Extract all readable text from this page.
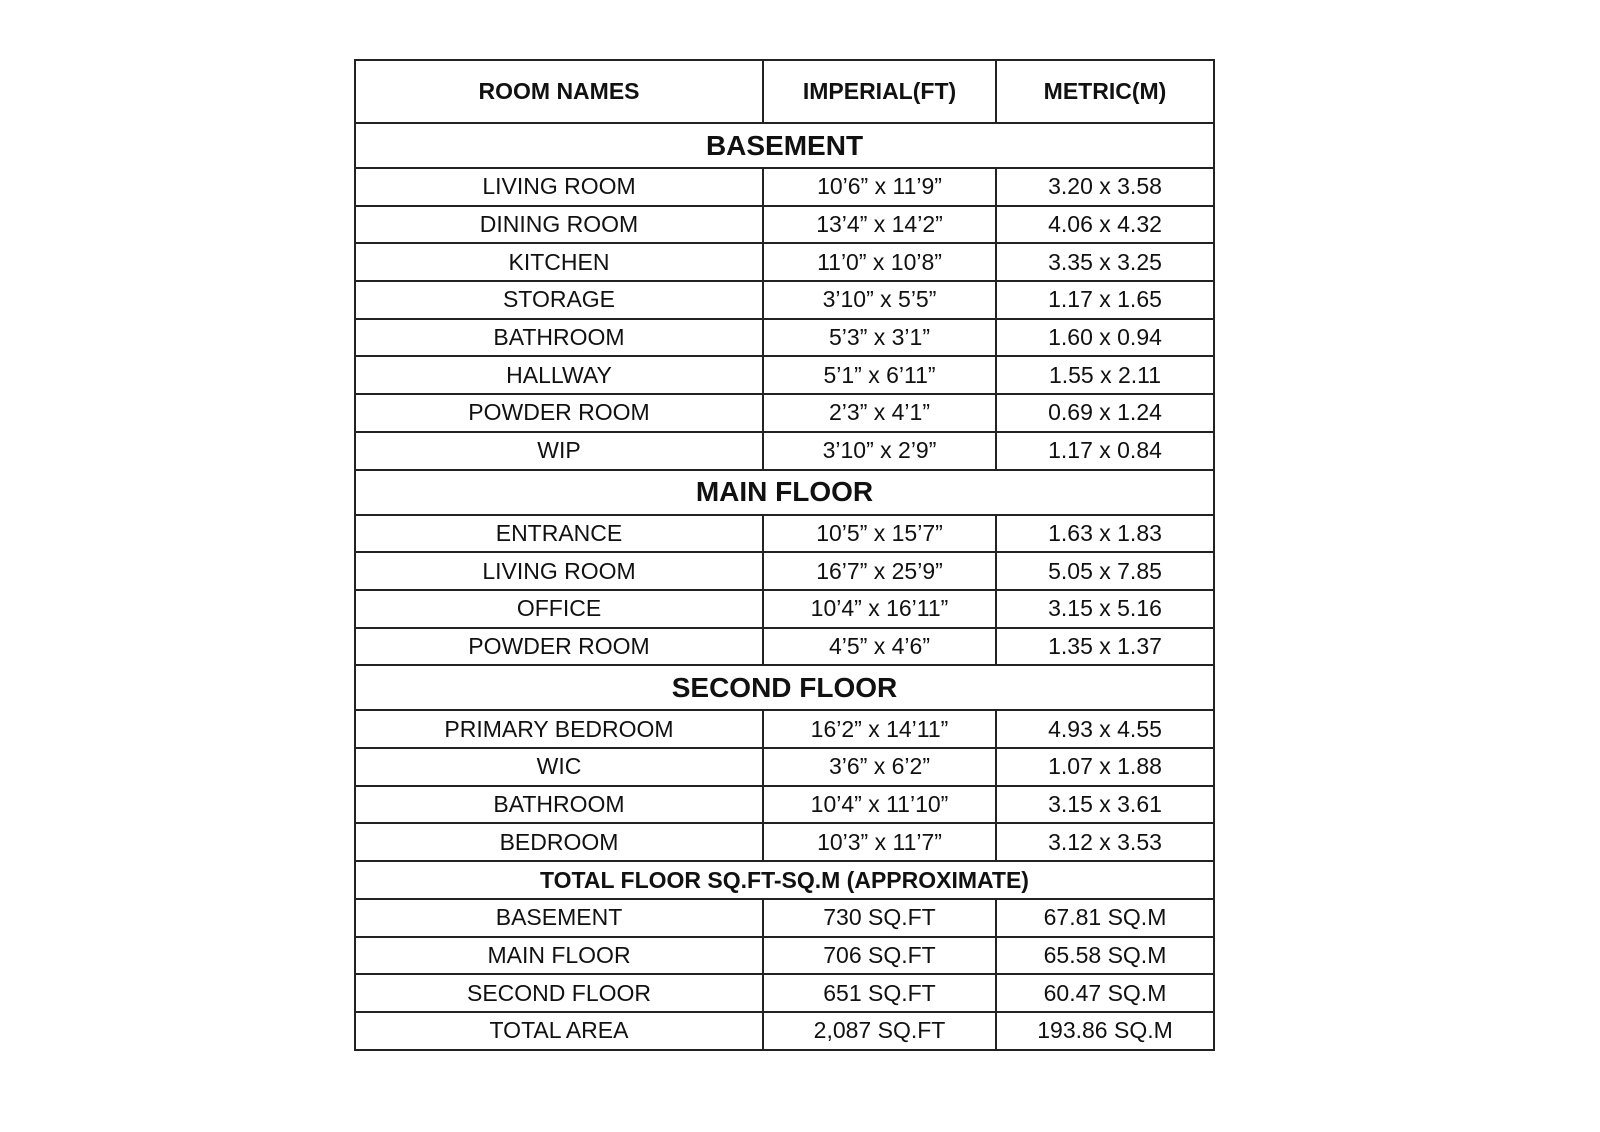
ROOM NAMES	IMPERIAL(FT)	METRIC(M)
BASEMENT		
LIVING ROOM	10’6” x 11’9”	3.20 x 3.58
DINING ROOM	13’4” x 14’2”	4.06 x 4.32
KITCHEN	11’0” x 10’8”	3.35 x 3.25
STORAGE	3’10” x 5’5”	1.17 x 1.65
BATHROOM	5’3” x 3’1”	1.60 x 0.94
HALLWAY	5’1” x 6’11”	1.55 x 2.11
POWDER ROOM	2’3” x 4’1”	0.69 x 1.24
WIP	3’10” x 2’9”	1.17 x 0.84
MAIN FLOOR		
ENTRANCE	10’5” x 15’7”	1.63 x 1.83
LIVING ROOM	16’7” x 25’9”	5.05 x 7.85
OFFICE	10’4” x 16’11”	3.15 x 5.16
POWDER ROOM	4’5” x 4’6”	1.35 x 1.37
SECOND FLOOR		
PRIMARY BEDROOM	16’2” x 14’11”	4.93 x 4.55
WIC	3’6” x 6’2”	1.07 x 1.88
BATHROOM	10’4” x 11’10”	3.15 x 3.61
BEDROOM	10’3” x 11’7”	3.12 x 3.53
TOTAL FLOOR SQ.FT-SQ.M (APPROXIMATE)		
BASEMENT	730 SQ.FT	67.81 SQ.M
MAIN FLOOR	706 SQ.FT	65.58 SQ.M
SECOND FLOOR	651 SQ.FT	60.47 SQ.M
TOTAL AREA	2,087 SQ.FT	193.86 SQ.M
